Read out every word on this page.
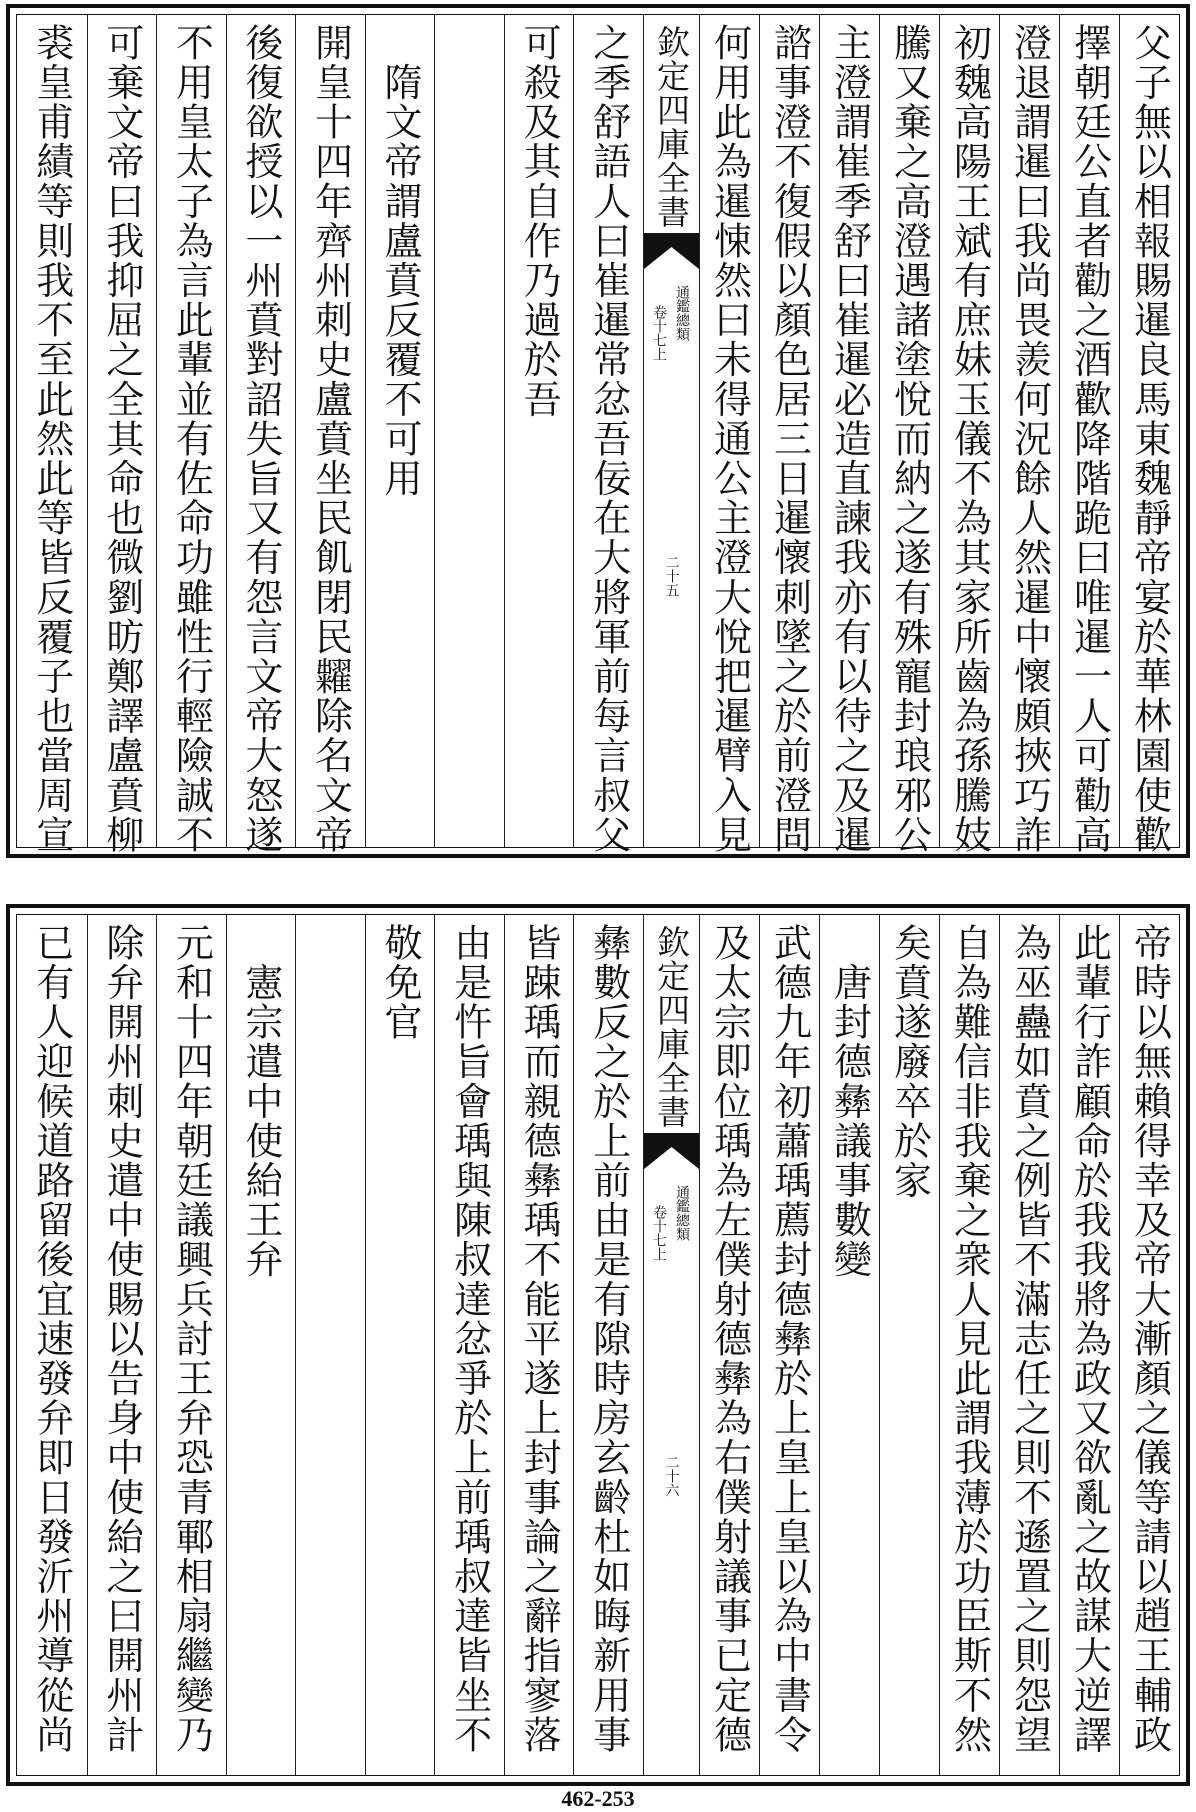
父子無以相報賜暹良馬東魏靜帝宴於華林園使歡
擇朝廷公直者勸之酒歡降階跪曰唯暹一人可勸高
澄退謂暹曰我尚畏羨何況餘人然暹中懷頗挾巧詐
初魏高陽王斌有庶妹玉儀不為其家所齒為孫騰妓
騰又棄之高澄遇諸塗悅而納之遂有殊寵封琅邪公
主澄謂崔季舒曰崔暹必造直諫我亦有以待之及暹
諮事澄不復假以顏色居三日暹懷刺墜之於前澄問
何用此為暹悚然曰未得通公主澄大悅把暹臂入見
欽定四庫全書
通鑑總類
卷十七上
二十五
之季舒語人曰崔暹常忿吾佞在大將軍前每言叔父
可殺及其自作乃過於吾
　隋文帝謂盧賁反覆不可用
開皇十四年齊州刺史盧賁坐民飢閉民糶除名文帝
後復欲授以一州賁對詔失旨又有怨言文帝大怒遂
不用皇太子為言此輩並有佐命功雖性行輕險誠不
可棄文帝曰我抑屈之全其命也微劉昉鄭譯盧賁柳
裘皇甫績等則我不至此然此等皆反覆子也當周宣
帝時以無賴得幸及帝大漸顏之儀等請以趙王輔政
此輩行詐顧命於我我將為政又欲亂之故謀大逆譯
為巫蠱如賁之例皆不滿志任之則不遜置之則怨望
自為難信非我棄之衆人見此謂我薄於功臣斯不然
矣賁遂廢卒於家
　唐封德彝議事數變
武德九年初蕭瑀薦封德彝於上皇上皇以為中書令
及太宗即位瑀為左僕射德彝為右僕射議事已定德
欽定四庫全書
通鑑總類
卷十七上
二十六
彝數反之於上前由是有隙時房玄齡杜如晦新用事
皆踈瑀而親德彝瑀不能平遂上封事論之辭指寥落
由是忤旨會瑀與陳叔達忿爭於上前瑀叔達皆坐不
敬免官
　憲宗遣中使紿王弁
元和十四年朝廷議興兵討王弁恐青鄆相扇繼變乃
除弁開州刺史遣中使賜以告身中使紿之曰開州計
已有人迎候道路留後宜速發弁即日發沂州導從尚
462-253
